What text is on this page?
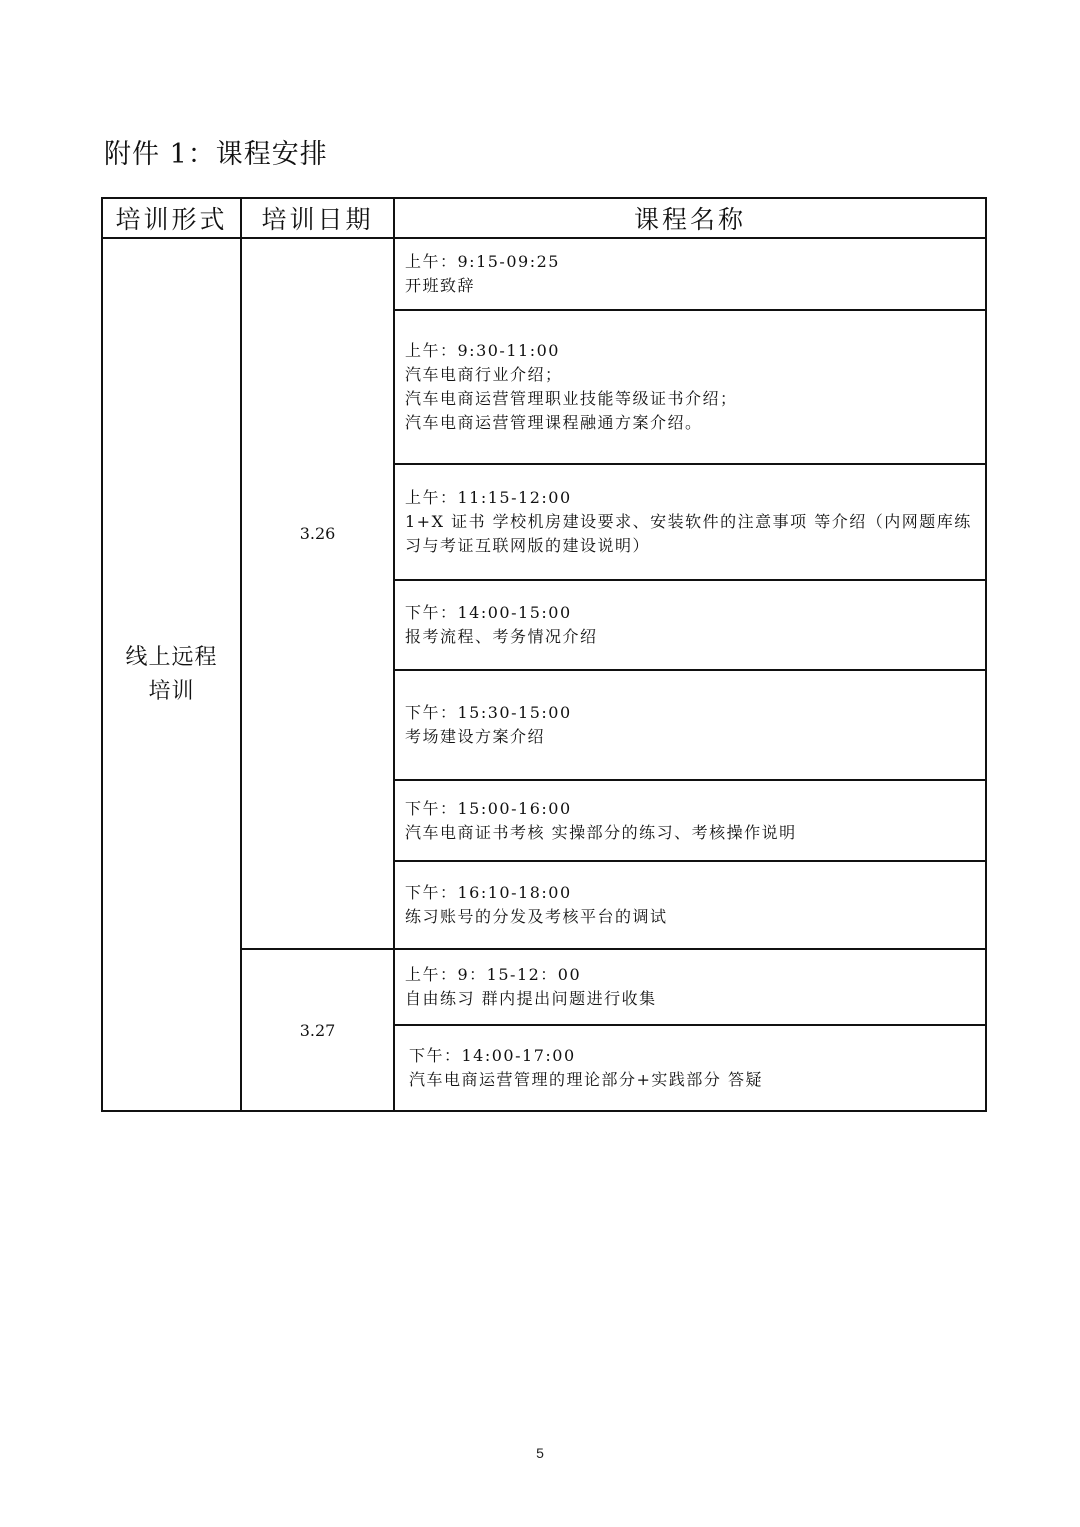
附件 1：课程安排
培训形式	培训日期	课程名称

线上远程培训	3.26	上午：9:15-09:25
开班致辞

		上午：9:30-11:00
汽车电商行业介绍；
汽车电商运营管理职业技能等级证书介绍；
汽车电商运营管理课程融通方案介绍。

		上午：11:15-12:00
1+X 证书 学校机房建设要求、安装软件的注意事项 等介绍（内网题库练习与考证互联网版的建设说明）

		下午：14:00-15:00
报考流程、考务情况介绍

		下午：15:30-15:00
考场建设方案介绍

		下午：15:00-16:00
汽车电商证书考核 实操部分的练习、考核操作说明

		下午：16:10-18:00
练习账号的分发及考核平台的调试

	3.27	上午：9：15-12：00
自由练习 群内提出问题进行收集

		下午：14:00-17:00
汽车电商运营管理的理论部分+实践部分 答疑
5
